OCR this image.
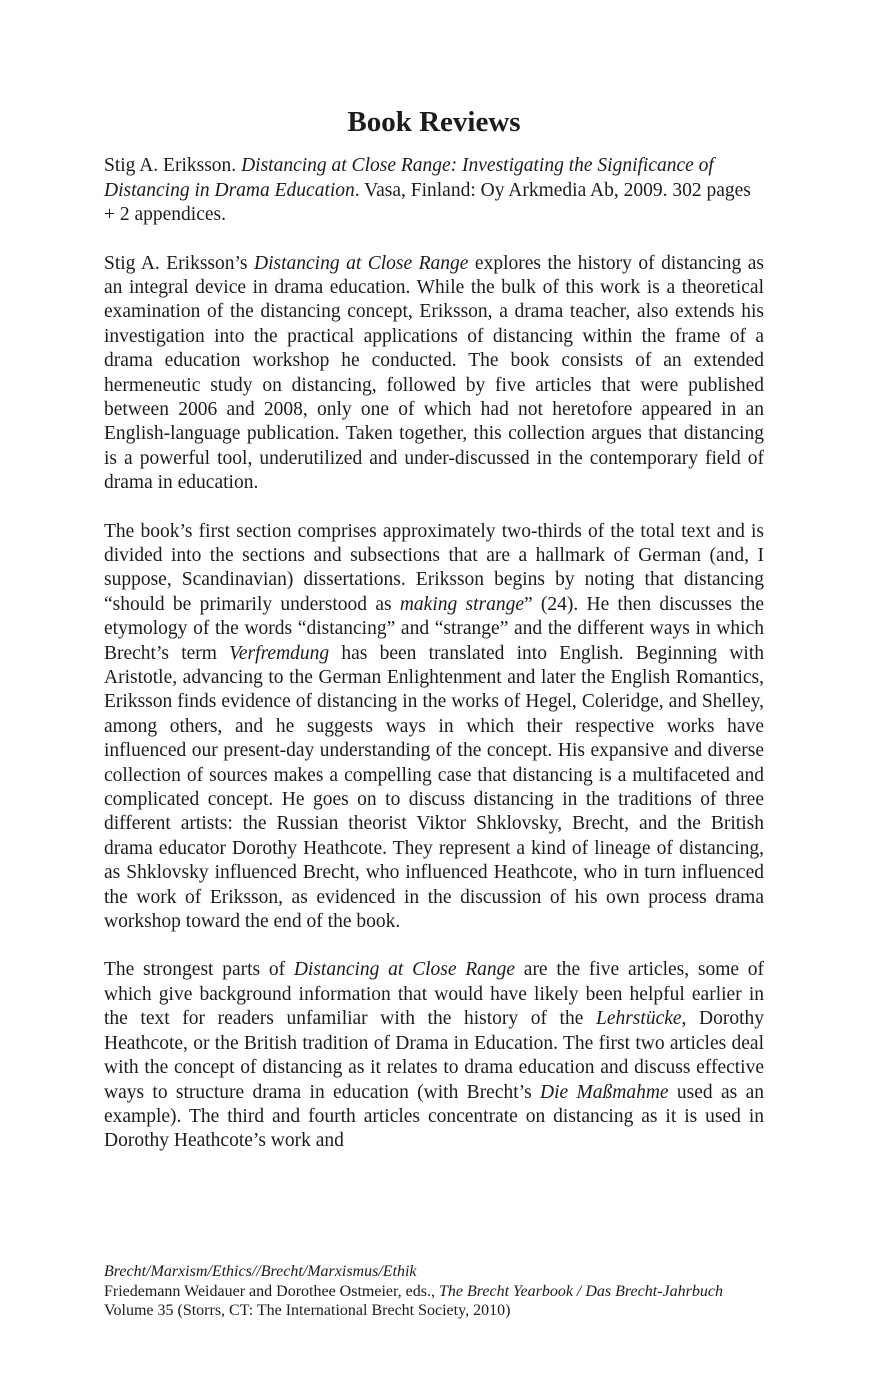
Book Reviews

Stig A. Eriksson. Distancing at Close Range: Investigating the Significance of Distancing in Drama Education. Vasa, Finland: Oy Arkmedia Ab, 2009. 302 pages + 2 appendices.

Stig A. Eriksson’s Distancing at Close Range explores the history of distancing as an integral device in drama education. While the bulk of this work is a theoretical examination of the distancing concept, Eriksson, a drama teacher, also extends his investigation into the practical applications of distancing within the frame of a drama education workshop he conducted. The book consists of an extended hermeneutic study on distancing, followed by five articles that were published between 2006 and 2008, only one of which had not heretofore appeared in an English-language publication. Taken together, this collection argues that distancing is a powerful tool, underutilized and under-discussed in the contemporary field of drama in education.

The book’s first section comprises approximately two-thirds of the total text and is divided into the sections and subsections that are a hallmark of German (and, I suppose, Scandinavian) dissertations. Eriksson begins by noting that distancing “should be primarily understood as making strange” (24). He then discusses the etymology of the words “distancing” and “strange” and the different ways in which Brecht’s term Verfremdung has been translated into English. Beginning with Aristotle, advancing to the German Enlightenment and later the English Romantics, Eriksson finds evidence of distancing in the works of Hegel, Coleridge, and Shelley, among others, and he suggests ways in which their respective works have influenced our present-day understanding of the concept. His expansive and diverse collection of sources makes a compelling case that distancing is a multifaceted and complicated concept. He goes on to discuss distancing in the traditions of three different artists: the Russian theorist Viktor Shklovsky, Brecht, and the British drama educator Dorothy Heathcote. They represent a kind of lineage of distancing, as Shklovsky influenced Brecht, who influenced Heathcote, who in turn influenced the work of Eriksson, as evidenced in the discussion of his own process drama workshop toward the end of the book.

The strongest parts of Distancing at Close Range are the five articles, some of which give background information that would have likely been helpful earlier in the text for readers unfamiliar with the history of the Lehrstücke, Dorothy Heathcote, or the British tradition of Drama in Education. The first two articles deal with the concept of distancing as it relates to drama education and discuss effective ways to structure drama in education (with Brecht’s Die Maßmahme used as an example). The third and fourth articles concentrate on distancing as it is used in Dorothy Heathcote’s work and

Brecht/Marxism/Ethics//Brecht/Marxismus/Ethik
Friedemann Weidauer and Dorothee Ostmeier, eds., The Brecht Yearbook / Das Brecht-Jahrbuch Volume 35 (Storrs, CT: The International Brecht Society, 2010)
